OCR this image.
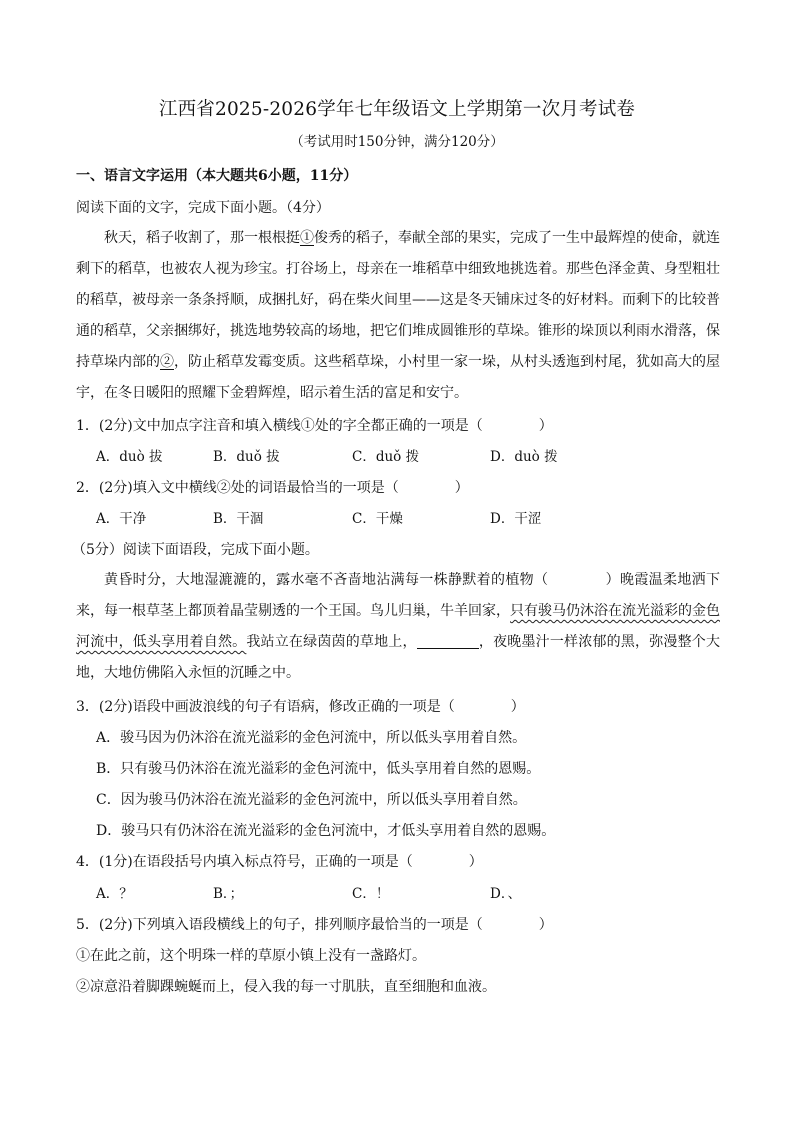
江西省2025-2026学年七年级语文上学期第一次月考试卷
（考试用时150分钟，满分120分）
一、语言文字运用（本大题共6小题，11分）
阅读下面的文字，完成下面小题。（4分）
秋天，稻子收割了，那一根根挺①俊秀的稻子，奉献全部的果实，完成了一生中最辉煌的使命，就连剩下的稻草，也被农人视为珍宝。打谷场上，母亲在一堆稻草中细致地挑选着。那些色泽金黄、身型粗壮的稻草，被母亲一条条捋顺，成捆扎好，码在柴火间里——这是冬天铺床过冬的好材料。而剩下的比较普通的稻草，父亲捆绑好，挑选地势较高的场地，把它们堆成圆锥形的草垛。锥形的垛顶以利雨水滑落，保持草垛内部的②，防止稻草发霉变质。这些稻草垛，小村里一家一垛，从村头透迤到村尾，犹如高大的屋宇，在冬日暖阳的照耀下金碧辉煌，昭示着生活的富足和安宁。
1．(2分)文中加点字注音和填入横线①处的字全都正确的一项是（　　　　）
A．duò 拔	B．duǒ 拔	C．duǒ 拨	D．duò 拨
2．(2分)填入文中横线②处的词语最恰当的一项是（　　　　）
A．干净	B．干涸	C．干燥	D．干涩
（5分）阅读下面语段，完成下面小题。
黄昏时分，大地湿漉漉的，露水毫不吝啬地沾满每一株静默着的植物（　　　　）晚霞温柔地洒下来，每一根草茎上都顶着晶莹剔透的一个王国。鸟儿归巢，牛羊回家，只有骏马仍沐浴在流光溢彩的金色河流中，低头享用着自然。我站立在绿茵茵的草地上，	，夜晚墨汁一样浓郁的黑，弥漫整个大地，大地仿佛陷入永恒的沉睡之中。
3．(2分)语段中画波浪线的句子有语病，修改正确的一项是（　　　　）
A．骏马因为仍沐浴在流光溢彩的金色河流中，所以低头享用着自然。
B．只有骏马仍沐浴在流光溢彩的金色河流中，低头享用着自然的恩赐。
C．因为骏马仍沐浴在流光溢彩的金色河流中，所以低头享用着自然。
D．骏马只有仍沐浴在流光溢彩的金色河流中，才低头享用着自然的恩赐。
4．(1分)在语段括号内填入标点符号，正确的一项是（　　　　）
A．？	B．；	C．！	D．、
5．(2分)下列填入语段横线上的句子，排列顺序最恰当的一项是（　　　　）
①在此之前，这个明珠一样的草原小镇上没有一盏路灯。
②凉意沿着脚踝蜿蜒而上，侵入我的每一寸肌肤，直至细胞和血液。
